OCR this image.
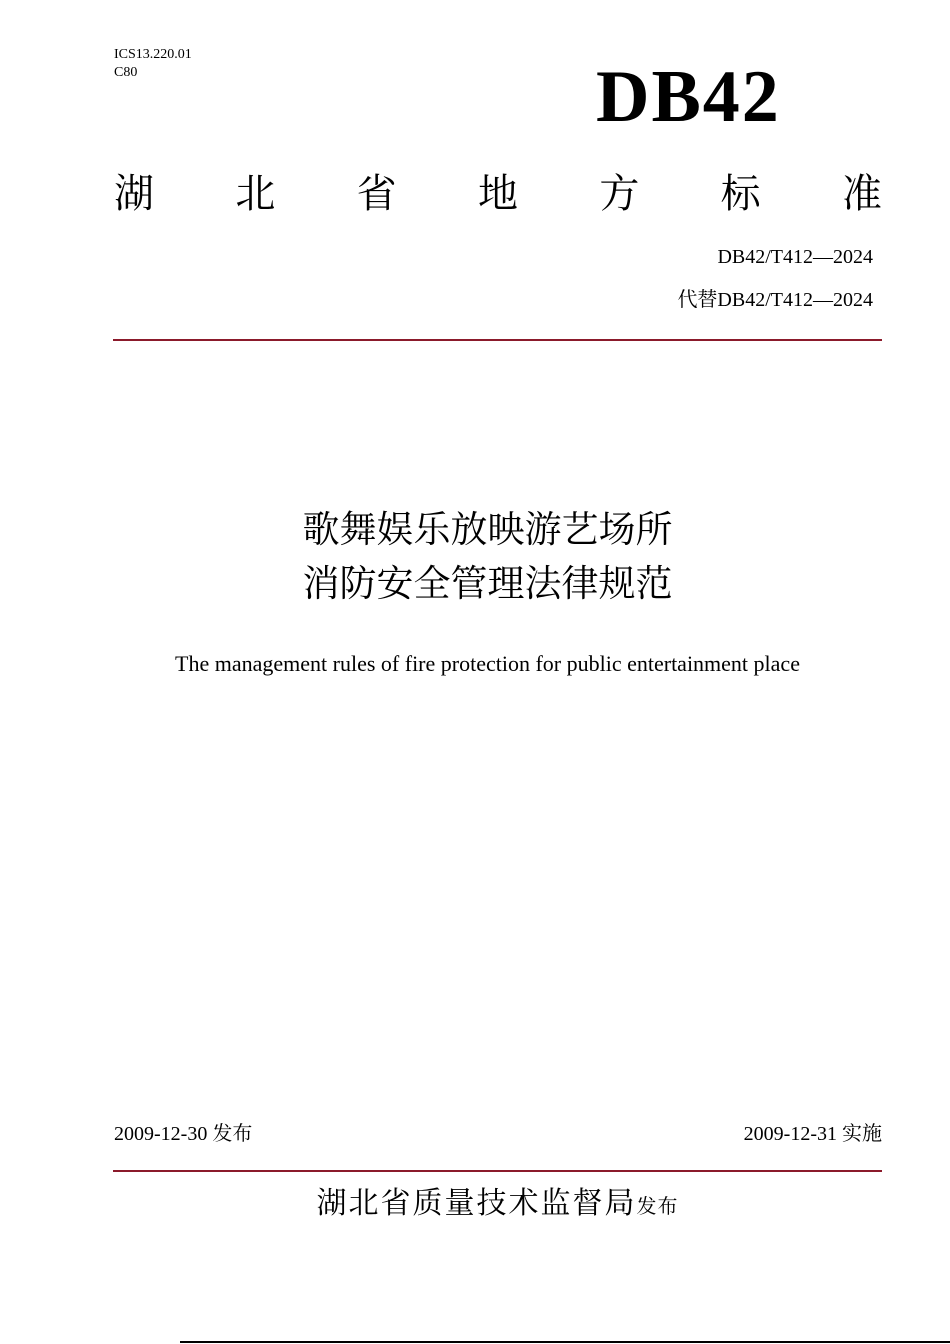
ICS13.220.01
C80	DB42
湖 北 省 地 方 标 准
DB42/T412—2024
代替DB42/T412—2024
歌舞娱乐放映游艺场所
消防安全管理法律规范
The management rules of fire protection for public entertainment place
2009-12-30 发布	2009-12-31 实施
湖北省质量技术监督局发布
